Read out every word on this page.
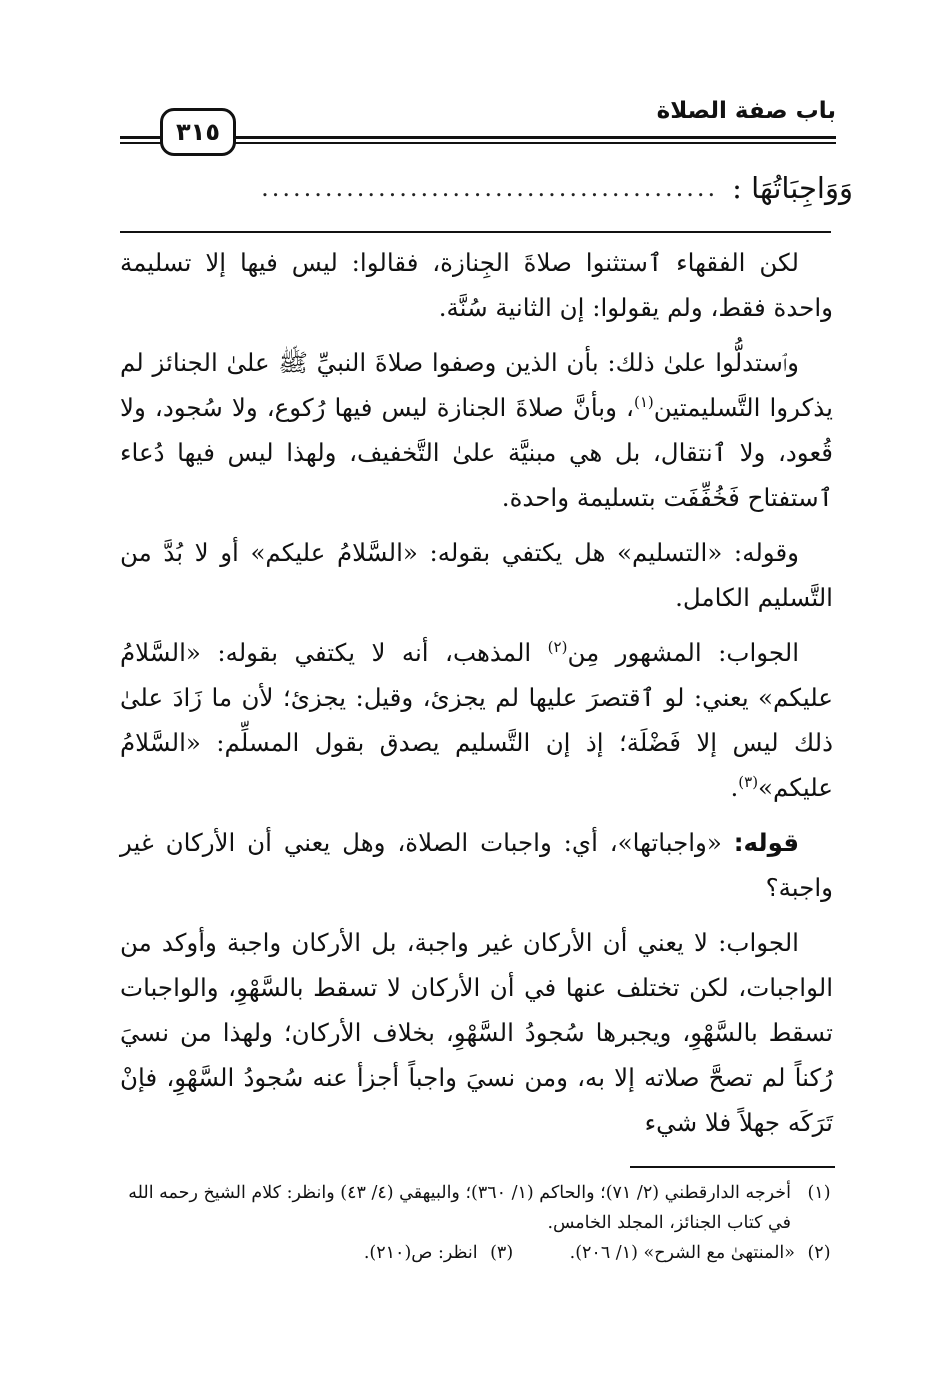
باب صفة الصلاة
٣١٥
وَوَاجِبَاتُهَا :
...........................................

لكن الفقهاء ٱستثنوا صلاةَ الجِنازة، فقالوا: ليس فيها إلا تسليمة واحدة فقط، ولم يقولوا: إن الثانية سُنَّة.

وٱستدلُّوا علىٰ ذلك: بأن الذين وصفوا صلاةَ النبيِّ ﷺ علىٰ الجنائز لم يذكروا التَّسليمتين$^{(١)}$، وبأنَّ صلاةَ الجنازة ليس فيها رُكوع، ولا سُجود، ولا قُعود، ولا ٱنتقال، بل هي مبنيَّة علىٰ التَّخفيف، ولهذا ليس فيها دُعاء ٱستفتاح فَخُفِّفَت بتسليمة واحدة.

وقوله: «التسليم» هل يكتفي بقوله: «السَّلامُ عليكم» أو لا بُدَّ من التَّسليم الكامل.

الجواب: المشهور مِن$^{(٢)}$ المذهب، أنه لا يكتفي بقوله: «السَّلامُ عليكم» يعني: لو ٱقتصرَ عليها لم يجزئ، وقيل: يجزئ؛ لأن ما زَادَ علىٰ ذلك ليس إلا فَضْلَة؛ إذ إن التَّسليم يصدق بقول المسلِّم: «السَّلامُ عليكم»$^{(٣)}$.

قوله: «واجباتها»، أي: واجبات الصلاة، وهل يعني أن الأركان غير واجبة؟

الجواب: لا يعني أن الأركان غير واجبة، بل الأركان واجبة وأوكد من الواجبات، لكن تختلف عنها في أن الأركان لا تسقط بالسَّهْوِ، والواجبات تسقط بالسَّهْوِ، ويجبرها سُجودُ السَّهْوِ، بخلاف الأركان؛ ولهذا من نسيَ رُكناً لم تصحَّ صلاته إلا به، ومن نسيَ واجباً أجزأ عنه سُجودُ السَّهْوِ، فإنْ تَرَكَه جهلاً فلا شيء

(١)
أخرجه الدارقطني (٢/ ٧١)؛ والحاكم (١/ ٣٦٠)؛ والبيهقي (٤/ ٤٣) وانظر: كلام الشيخ رحمه الله في كتاب الجنائز، المجلد الخامس.
(٢)
«المنتهىٰ مع الشرح» (١/ ٢٠٦).
(٣)
انظر: ص(٢١٠).
